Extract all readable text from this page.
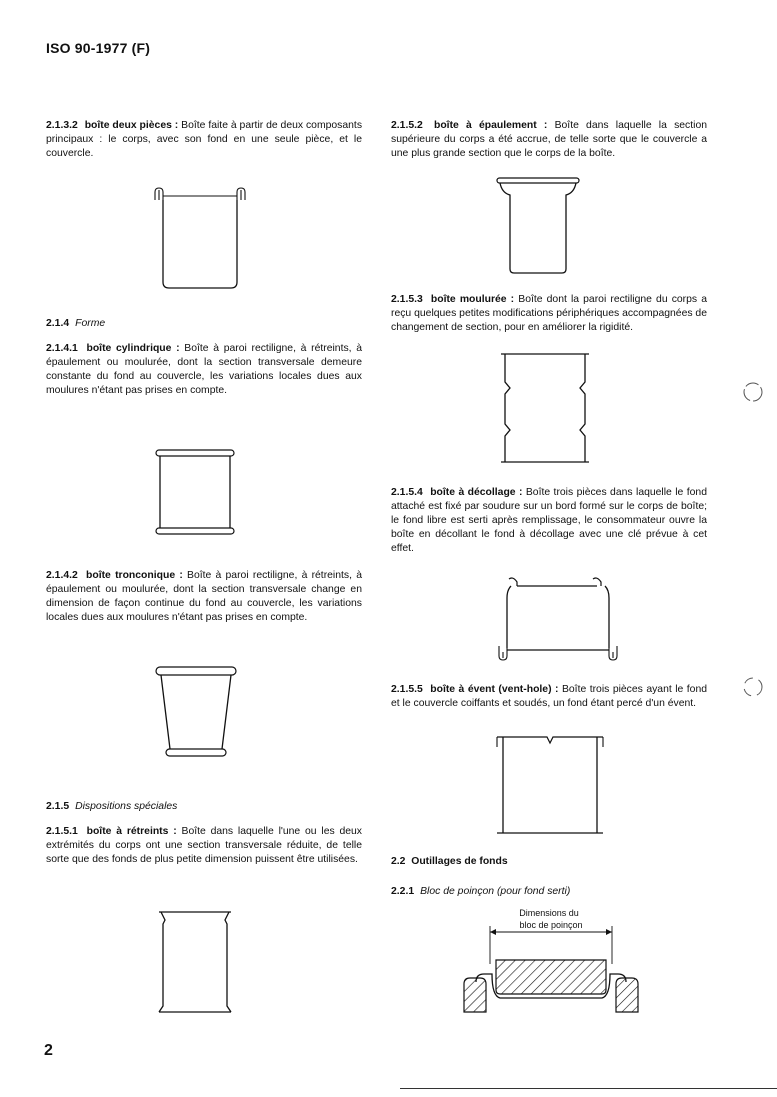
ISO 90-1977 (F)
2.1.3.2 boîte deux pièces : Boîte faite à partir de deux composants principaux : le corps, avec son fond en une seule pièce, et le couvercle.
2.1.4 Forme
2.1.4.1 boîte cylindrique : Boîte à paroi rectiligne, à rétreints, à épaulement ou moulurée, dont la section transversale demeure constante du fond au couvercle, les variations locales dues aux moulures n'étant pas prises en compte.
2.1.4.2 boîte tronconique : Boîte à paroi rectiligne, à rétreints, à épaulement ou moulurée, dont la section transversale change en dimension de façon continue du fond au couvercle, les variations locales dues aux moulures n'étant pas prises en compte.
2.1.5 Dispositions spéciales
2.1.5.1 boîte à rétreints : Boîte dans laquelle l'une ou les deux extrémités du corps ont une section transversale réduite, de telle sorte que des fonds de plus petite dimension puissent être utilisées.
2.1.5.2 boîte à épaulement : Boîte dans laquelle la section supérieure du corps a été accrue, de telle sorte que le couvercle a une plus grande section que le corps de la boîte.
2.1.5.3 boîte moulurée : Boîte dont la paroi rectiligne du corps a reçu quelques petites modifications périphériques accompagnées de changement de section, pour en améliorer la rigidité.
2.1.5.4 boîte à décollage : Boîte trois pièces dans laquelle le fond attaché est fixé par soudure sur un bord formé sur le corps de boîte; le fond libre est serti après remplissage, le consommateur ouvre la boîte en décollant le fond à décollage avec une clé prévue à cet effet.
2.1.5.5 boîte à évent (vent-hole) : Boîte trois pièces ayant le fond et le couvercle coiffants et soudés, un fond étant percé d'un évent.
2.2 Outillages de fonds
2.2.1 Bloc de poinçon (pour fond serti)
Dimensions du
bloc de poinçon
2
